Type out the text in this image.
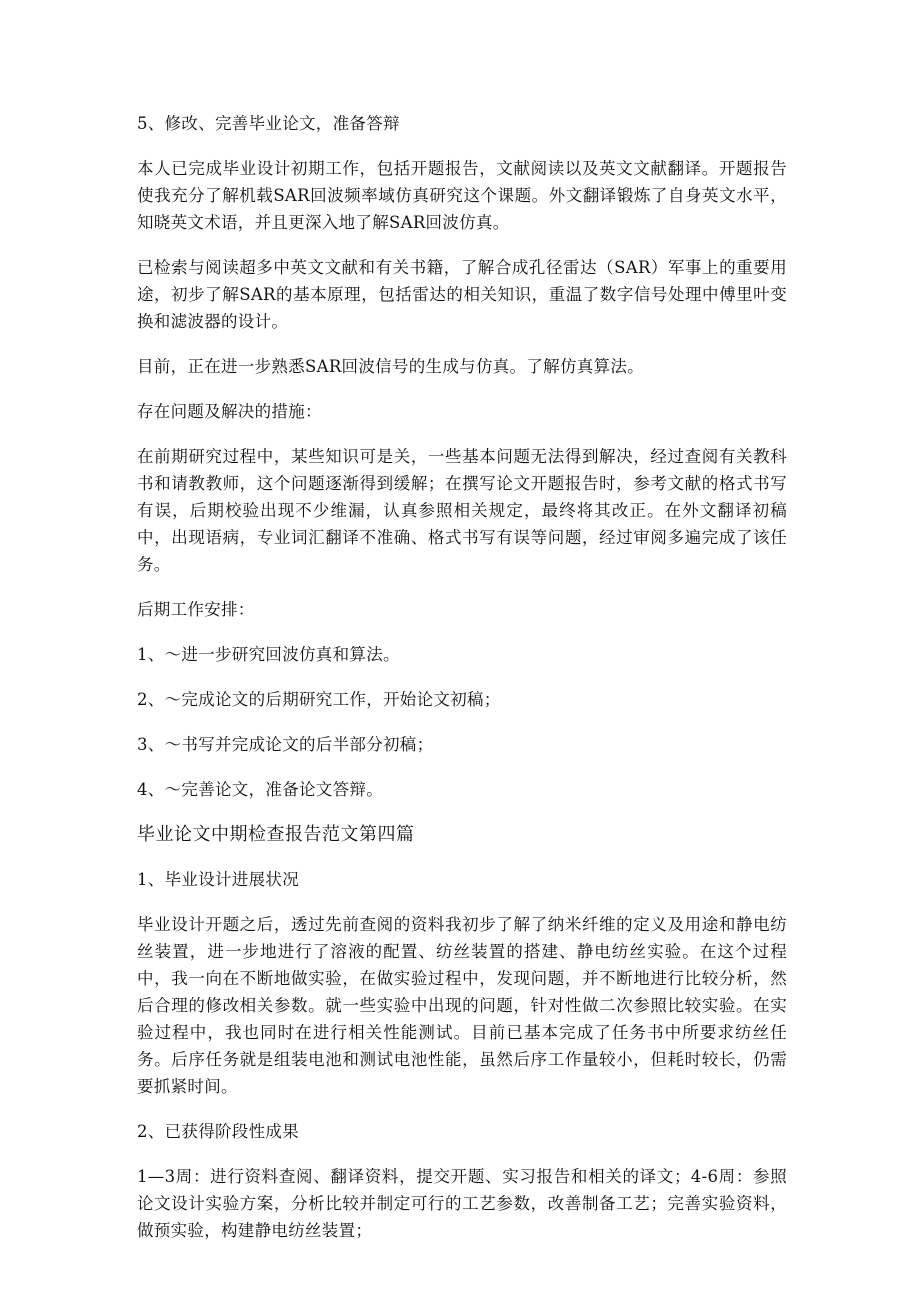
5、修改、完善毕业论文，准备答辩

本人已完成毕业设计初期工作，包括开题报告，文献阅读以及英文文献翻译。开题报告使我充分了解机载SAR回波频率域仿真研究这个课题。外文翻译锻炼了自身英文水平，知晓英文术语，并且更深入地了解SAR回波仿真。

已检索与阅读超多中英文文献和有关书籍，了解合成孔径雷达（SAR）军事上的重要用途，初步了解SAR的基本原理，包括雷达的相关知识，重温了数字信号处理中傅里叶变换和滤波器的设计。

目前，正在进一步熟悉SAR回波信号的生成与仿真。了解仿真算法。

存在问题及解决的措施：

在前期研究过程中，某些知识可是关，一些基本问题无法得到解决，经过查阅有关教科书和请教教师，这个问题逐渐得到缓解；在撰写论文开题报告时，参考文献的格式书写有误，后期校验出现不少维漏，认真参照相关规定，最终将其改正。在外文翻译初稿中，出现语病，专业词汇翻译不准确、格式书写有误等问题，经过审阅多遍完成了该任务。

后期工作安排：

1、～进一步研究回波仿真和算法。

2、～完成论文的后期研究工作，开始论文初稿；

3、～书写并完成论文的后半部分初稿；

4、～完善论文，准备论文答辩。

毕业论文中期检查报告范文第四篇

1、毕业设计进展状况

毕业设计开题之后，透过先前查阅的资料我初步了解了纳米纤维的定义及用途和静电纺丝装置，进一步地进行了溶液的配置、纺丝装置的搭建、静电纺丝实验。在这个过程中，我一向在不断地做实验，在做实验过程中，发现问题，并不断地进行比较分析，然后合理的修改相关参数。就一些实验中出现的问题，针对性做二次参照比较实验。在实验过程中，我也同时在进行相关性能测试。目前已基本完成了任务书中所要求纺丝任务。后序任务就是组装电池和测试电池性能，虽然后序工作量较小，但耗时较长，仍需要抓紧时间。

2、已获得阶段性成果

1—3周：进行资料查阅、翻译资料，提交开题、实习报告和相关的译文；4-6周：参照论文设计实验方案，分析比较并制定可行的工艺参数，改善制备工艺；完善实验资料，做预实验，构建静电纺丝装置；
